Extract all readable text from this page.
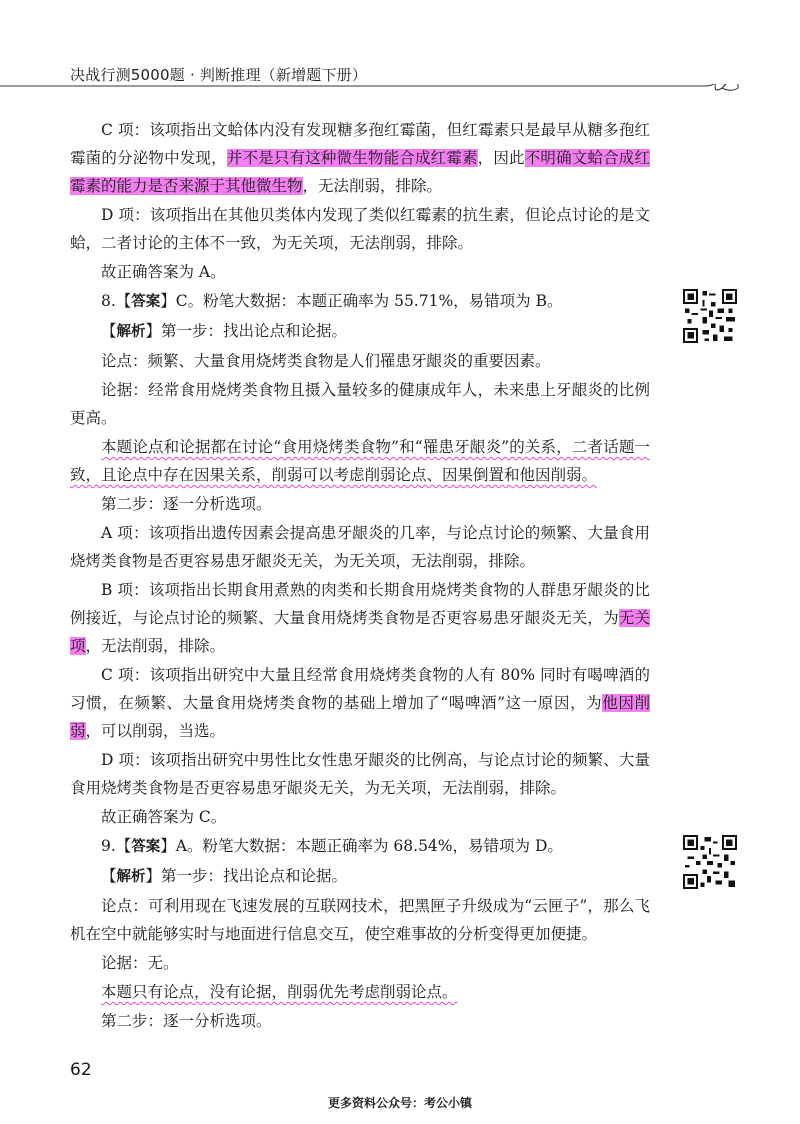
决战行测5000题 · 判断推理（新增题下册）

C 项：该项指出文蛤体内没有发现糖多孢红霉菌，但红霉素只是最早从糖多孢红霉菌的分泌物中发现，并不是只有这种微生物能合成红霉素，因此不明确文蛤合成红霉素的能力是否来源于其他微生物，无法削弱，排除。

D 项：该项指出在其他贝类体内发现了类似红霉素的抗生素，但论点讨论的是文蛤，二者讨论的主体不一致，为无关项，无法削弱，排除。

故正确答案为 A。

8.【答案】C。粉笔大数据：本题正确率为 55.71%，易错项为 B。

【解析】第一步：找出论点和论据。

论点：频繁、大量食用烧烤类食物是人们罹患牙龈炎的重要因素。

论据：经常食用烧烤类食物且摄入量较多的健康成年人，未来患上牙龈炎的比例更高。

本题论点和论据都在讨论“食用烧烤类食物”和“罹患牙龈炎”的关系，二者话题一致，且论点中存在因果关系，削弱可以考虑削弱论点、因果倒置和他因削弱。

第二步：逐一分析选项。

A 项：该项指出遗传因素会提高患牙龈炎的几率，与论点讨论的频繁、大量食用烧烤类食物是否更容易患牙龈炎无关，为无关项，无法削弱，排除。

B 项：该项指出长期食用煮熟的肉类和长期食用烧烤类食物的人群患牙龈炎的比例接近，与论点讨论的频繁、大量食用烧烤类食物是否更容易患牙龈炎无关，为无关项，无法削弱，排除。

C 项：该项指出研究中大量且经常食用烧烤类食物的人有 80% 同时有喝啤酒的习惯，在频繁、大量食用烧烤类食物的基础上增加了“喝啤酒”这一原因，为他因削弱，可以削弱，当选。

D 项：该项指出研究中男性比女性患牙龈炎的比例高，与论点讨论的频繁、大量食用烧烤类食物是否更容易患牙龈炎无关，为无关项，无法削弱，排除。

故正确答案为 C。

9.【答案】A。粉笔大数据：本题正确率为 68.54%，易错项为 D。

【解析】第一步：找出论点和论据。

论点：可利用现在飞速发展的互联网技术，把黑匣子升级成为“云匣子”，那么飞机在空中就能够实时与地面进行信息交互，使空难事故的分析变得更加便捷。

论据：无。

本题只有论点，没有论据，削弱优先考虑削弱论点。

第二步：逐一分析选项。

62
更多资料公众号：考公小镇
